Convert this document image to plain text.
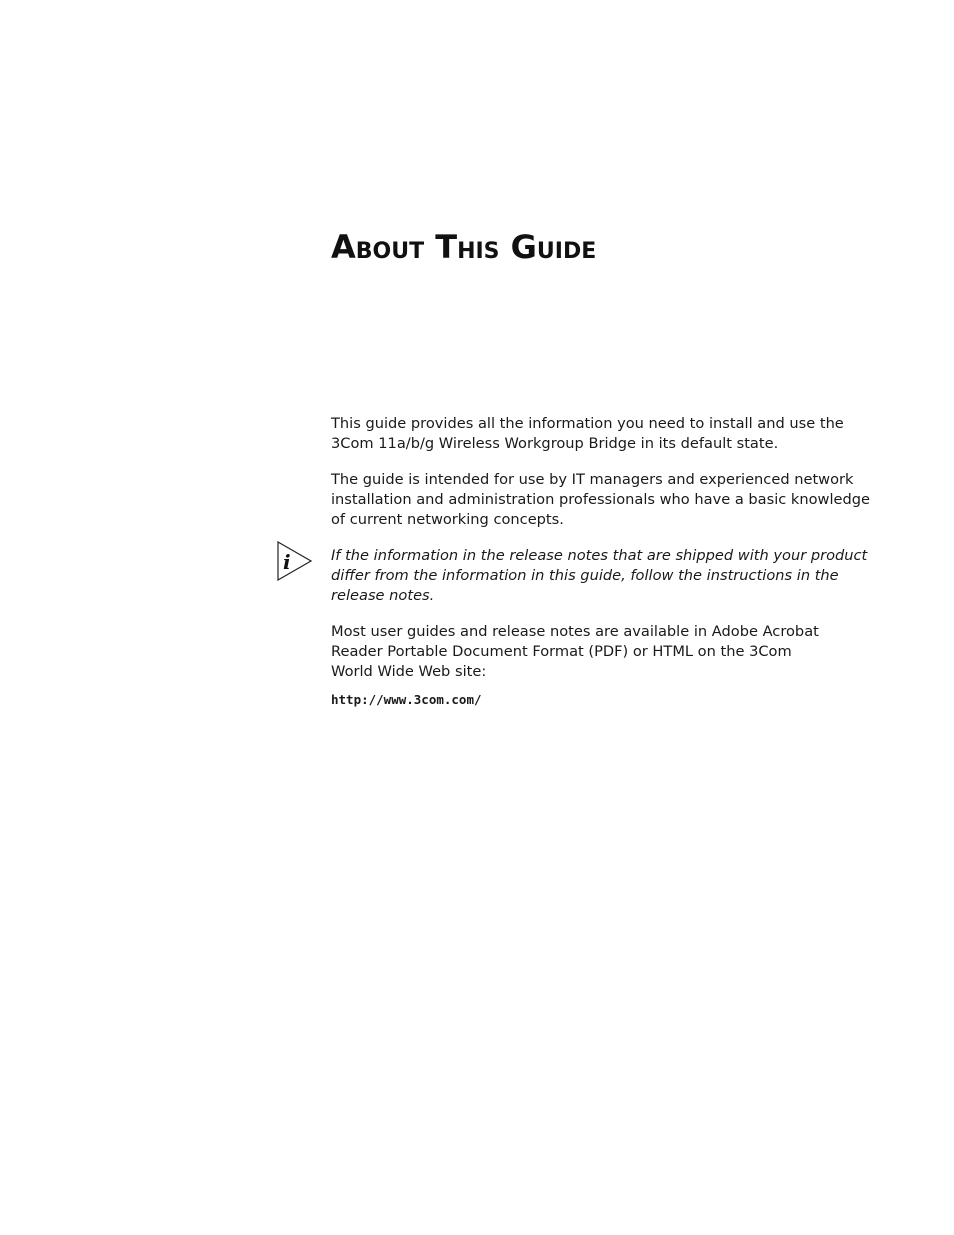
About This Guide

This guide provides all the information you need to install and use the
3Com 11a/b/g Wireless Workgroup Bridge in its default state.

The guide is intended for use by IT managers and experienced network
installation and administration professionals who have a basic knowledge
of current networking concepts.

i	If the information in the release notes that are shipped with your product
differ from the information in this guide, follow the instructions in the
release notes.

Most user guides and release notes are available in Adobe Acrobat
Reader Portable Document Format (PDF) or HTML on the 3Com
World Wide Web site:

http://www.3com.com/
